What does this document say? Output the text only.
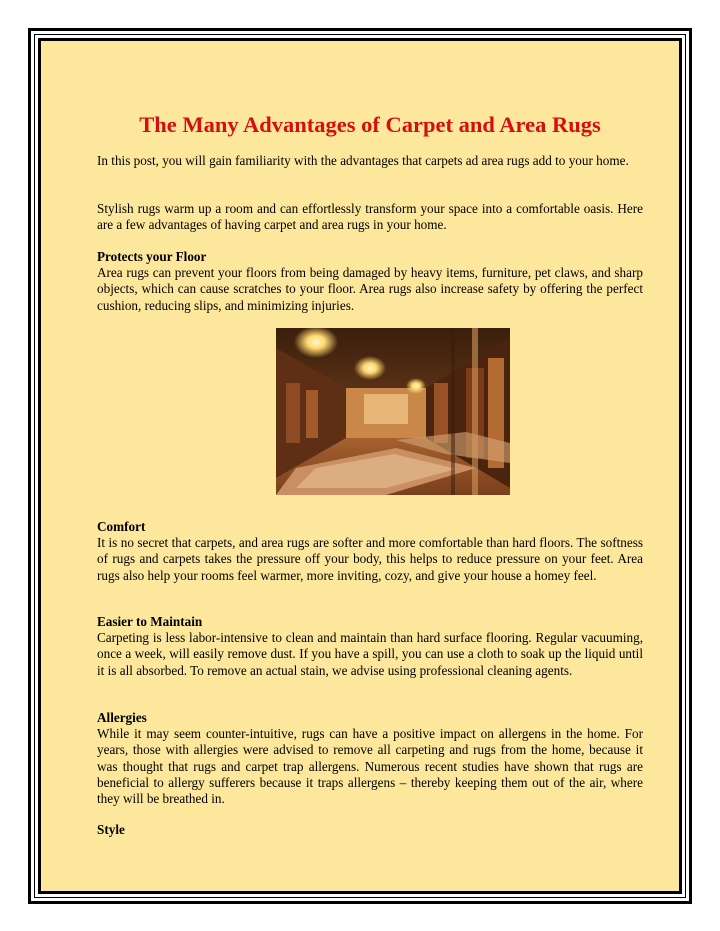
The Many Advantages of Carpet and Area Rugs

In this post, you will gain familiarity with the advantages that carpets ad area rugs add to your home.

Stylish rugs warm up a room and can effortlessly transform your space into a comfortable oasis. Here are a few advantages of having carpet and area rugs in your home.

Protects your Floor
Area rugs can prevent your floors from being damaged by heavy items, furniture, pet claws, and sharp objects, which can cause scratches to your floor. Area rugs also increase safety by offering the perfect cushion, reducing slips, and minimizing injuries.
Comfort
It is no secret that carpets, and area rugs are softer and more comfortable than hard floors. The softness of rugs and carpets takes the pressure off your body, this helps to reduce pressure on your feet. Area rugs also help your rooms feel warmer, more inviting, cozy, and give your house a homey feel.
Easier to Maintain
Carpeting is less labor-intensive to clean and maintain than hard surface flooring. Regular vacuuming, once a week, will easily remove dust. If you have a spill, you can use a cloth to soak up the liquid until it is all absorbed. To remove an actual stain, we advise using professional cleaning agents.
Allergies
While it may seem counter-intuitive, rugs can have a positive impact on allergens in the home. For years, those with allergies were advised to remove all carpeting and rugs from the home, because it was thought that rugs and carpet trap allergens. Numerous recent studies have shown that rugs are beneficial to allergy sufferers because it traps allergens – thereby keeping them out of the air, where they will be breathed in.
Style
